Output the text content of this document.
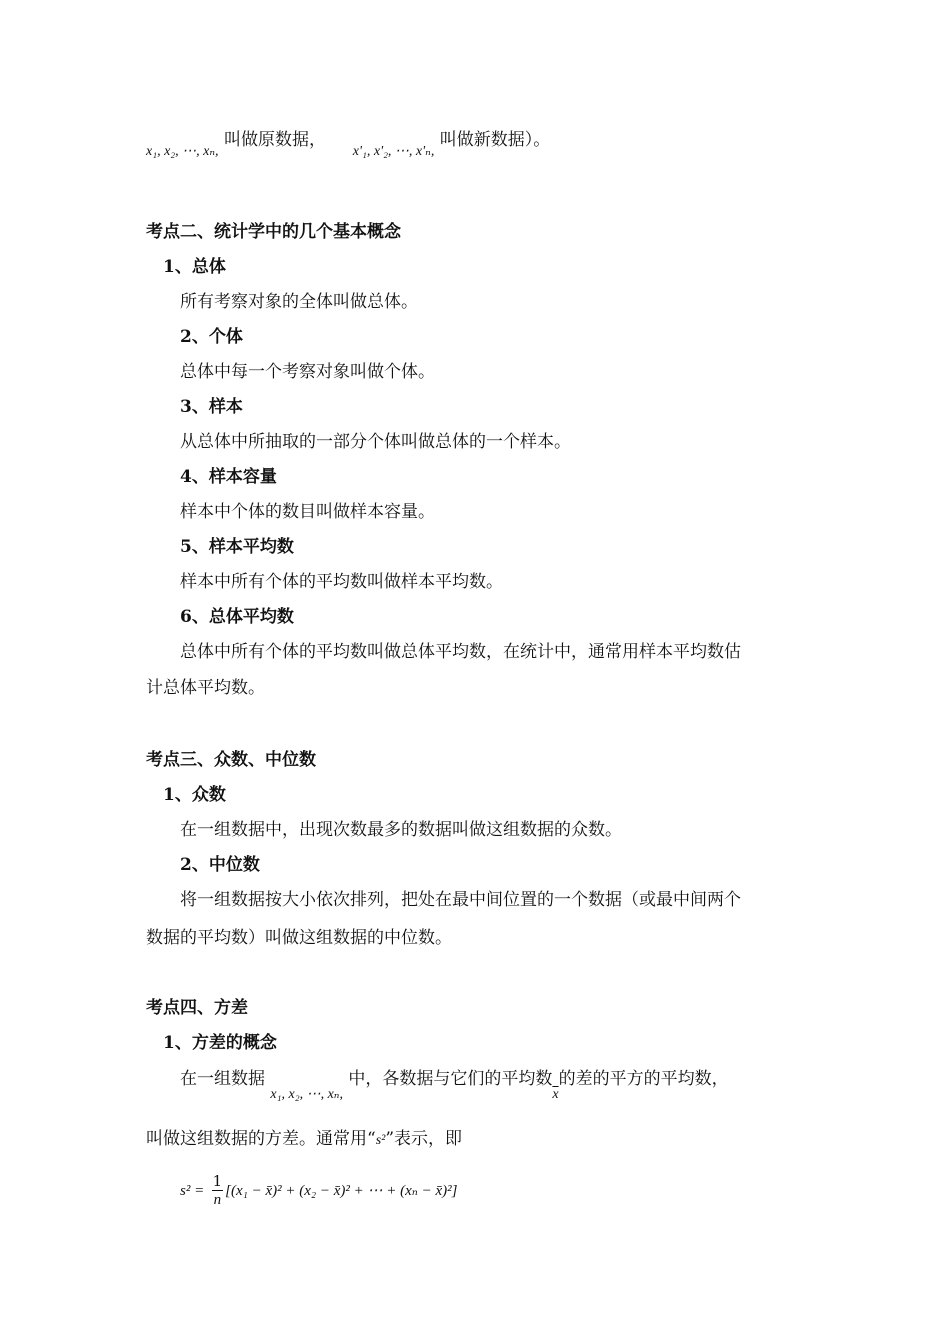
$_{x_1, x_2, \cdots, x_n,}$ 叫做原数据，  $_{x'_1, x'_2, \cdots, x'_n,}$ 叫做新数据）。
考点二、统计学中的几个基本概念
1、总体
所有考察对象的全体叫做总体。
2、个体
总体中每一个考察对象叫做个体。
3、样本
从总体中所抽取的一部分个体叫做总体的一个样本。
4、样本容量
样本中个体的数目叫做样本容量。
5、样本平均数
样本中所有个体的平均数叫做样本平均数。
6、总体平均数
总体中所有个体的平均数叫做总体平均数，在统计中，通常用样本平均数估
计总体平均数。
考点三、众数、中位数
1、众数
在一组数据中，出现次数最多的数据叫做这组数据的众数。
2、中位数
将一组数据按大小依次排列，把处在最中间位置的一个数据（或最中间两个
数据的平均数）叫做这组数据的中位数。
考点四、方差
1、方差的概念
在一组数据 $_{x_1, x_2, \cdots, x_n,}$ 中，各数据与它们的平均数$_{\overline{x}}$的差的平方的平均数，
叫做这组数据的方差。通常用“s²”表示，即
$s^2 = \frac{1}{n} [(x_1$ − x̄)² + (x₂ − x̄)² + ⋯ + (xₙ − x̄)²]
